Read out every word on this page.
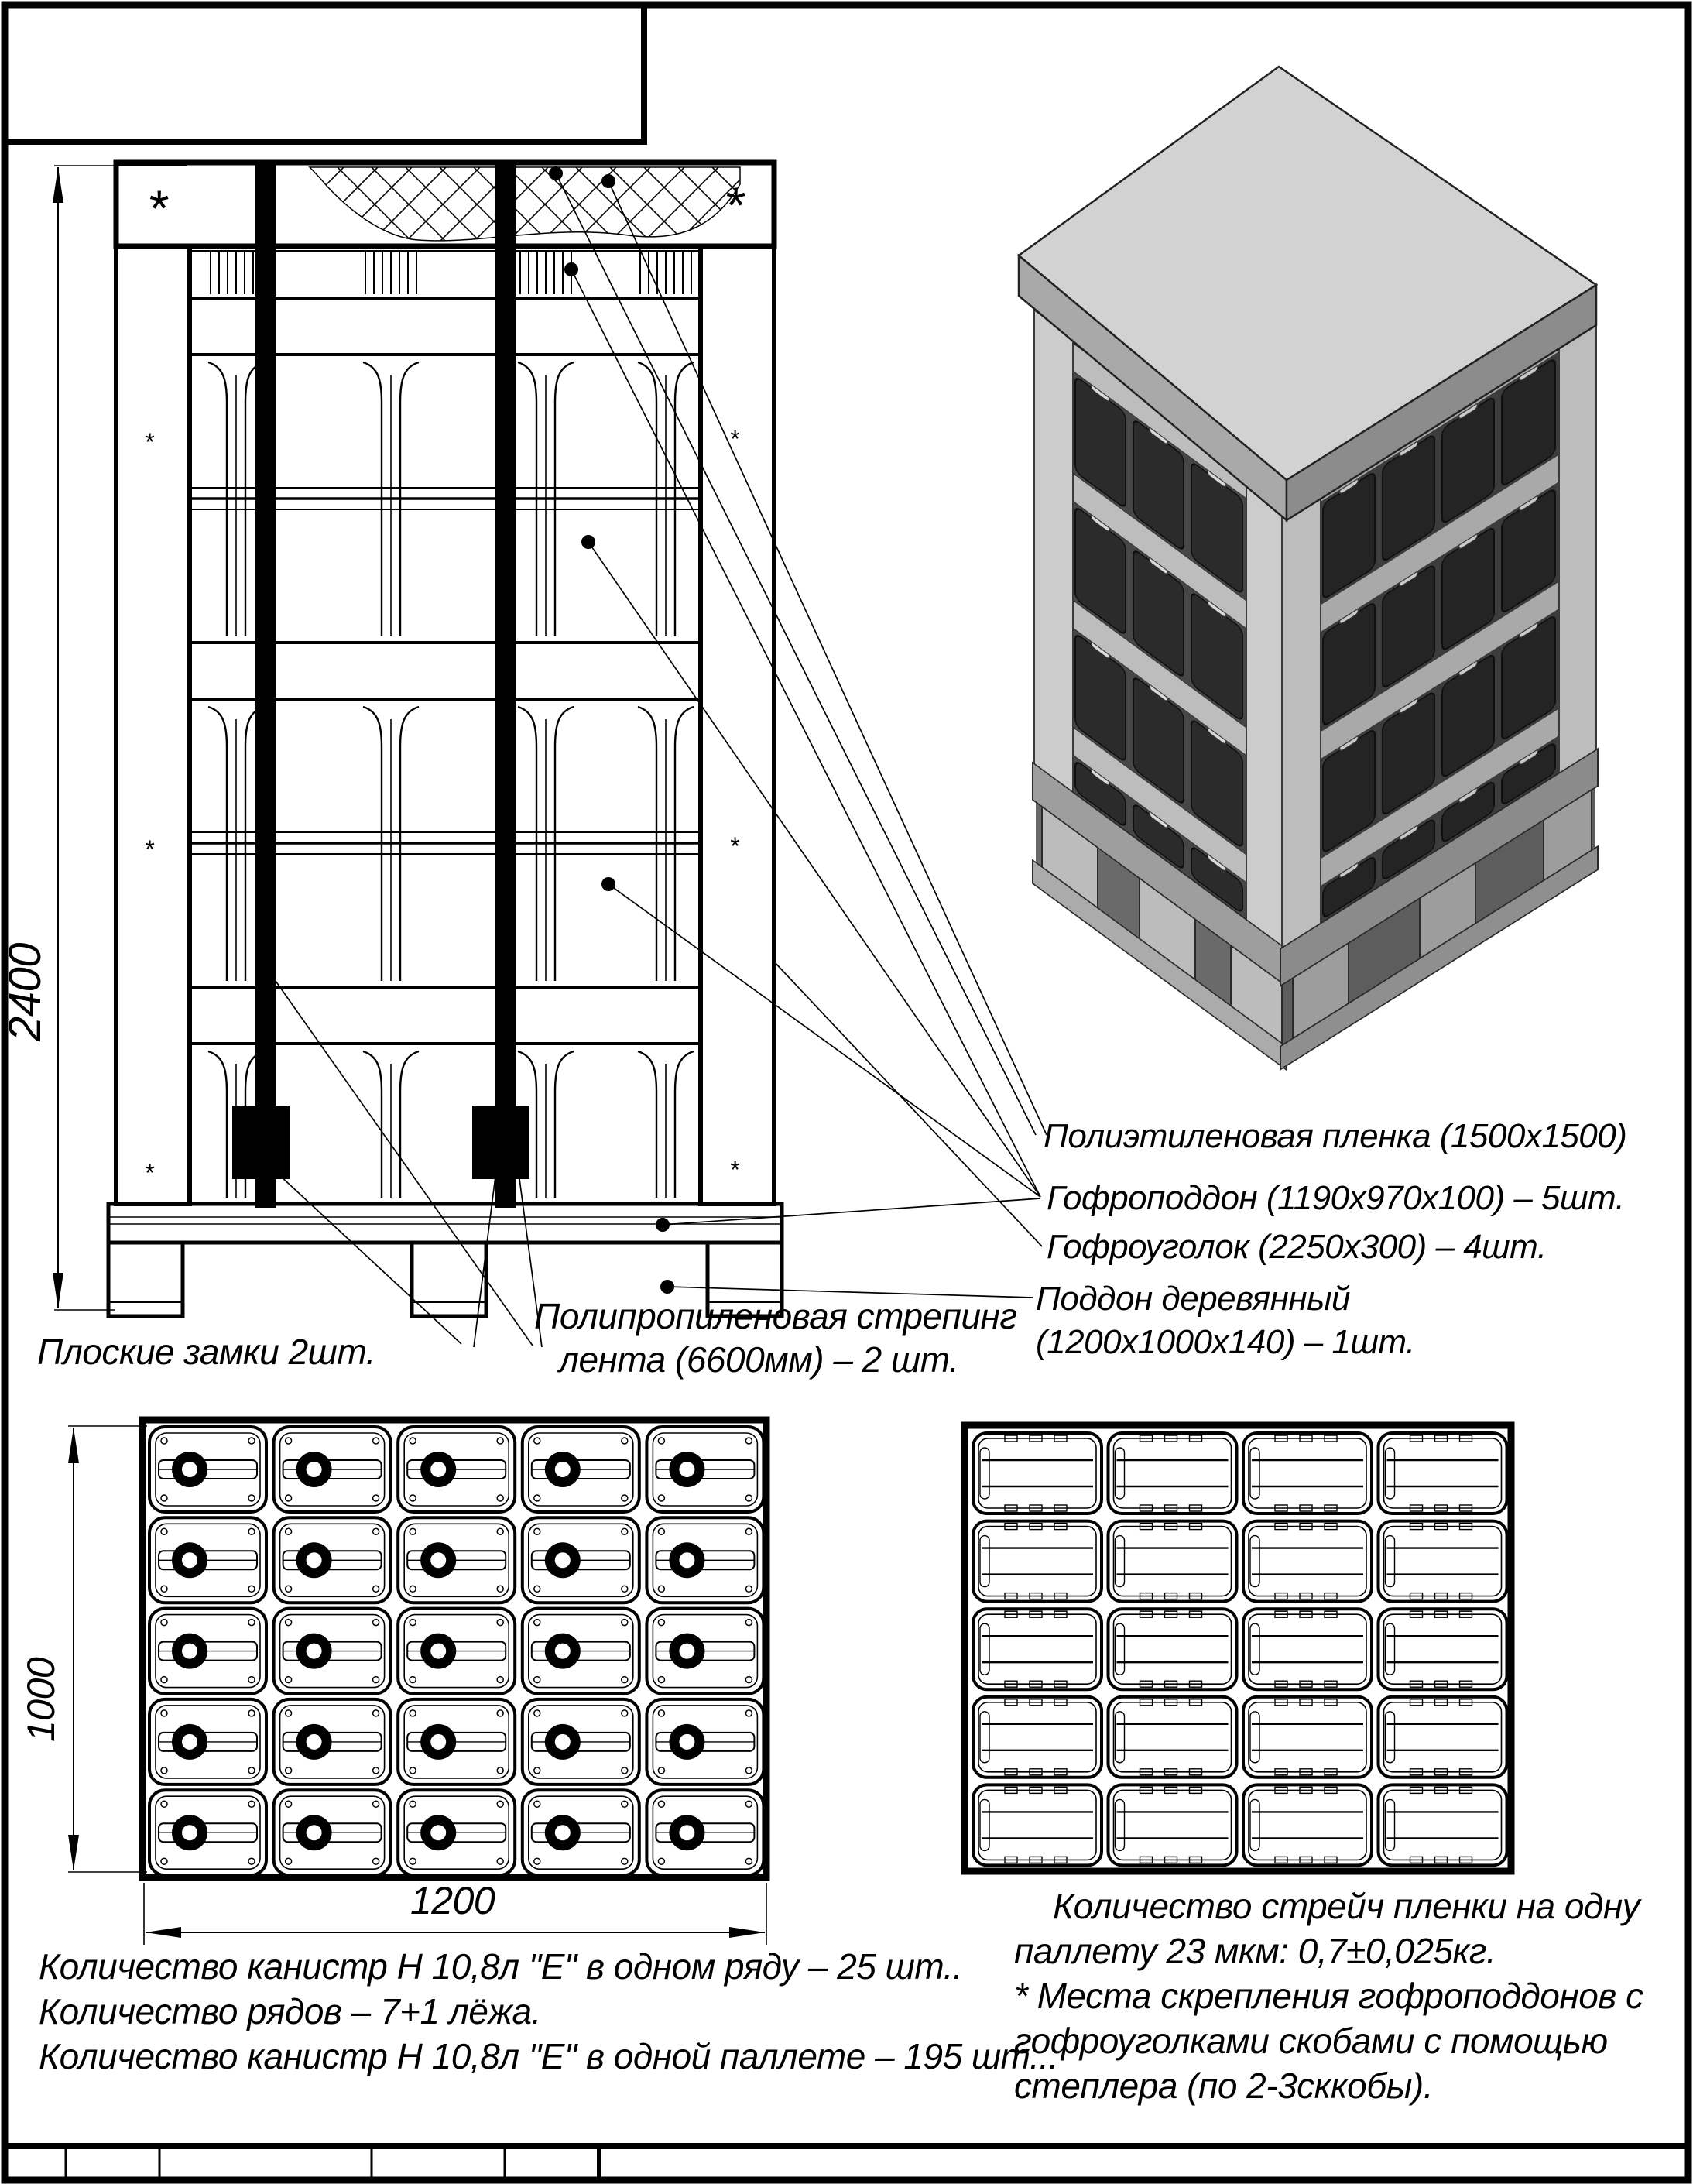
*	*
*	*
*	*
*	*
2400
Полиэтиленовая пленка (1500х1500)
Гофроподдон (1190х970х100) – 5шт.
Гофроуголок (2250х300) – 4шт.
Поддон деревянный
(1200х1000х140) – 1шт.
Плоские замки 2шт.
Полипропиленовая стрепинг
лента (6600мм) – 2 шт.
1000
1200
Количество канистр Н 10,8л "Е" в одном ряду – 25 шт..
Количество рядов – 7+1 лёжа.
Количество канистр Н 10,8л "Е" в одной паллете – 195 шт...
Количество стрейч пленки на одну
паллету 23 мкм: 0,7±0,025кг.
* Места скрепления гофроподдонов с
гофроуголками скобами с помощью
степлера (по 2-3сккобы).
